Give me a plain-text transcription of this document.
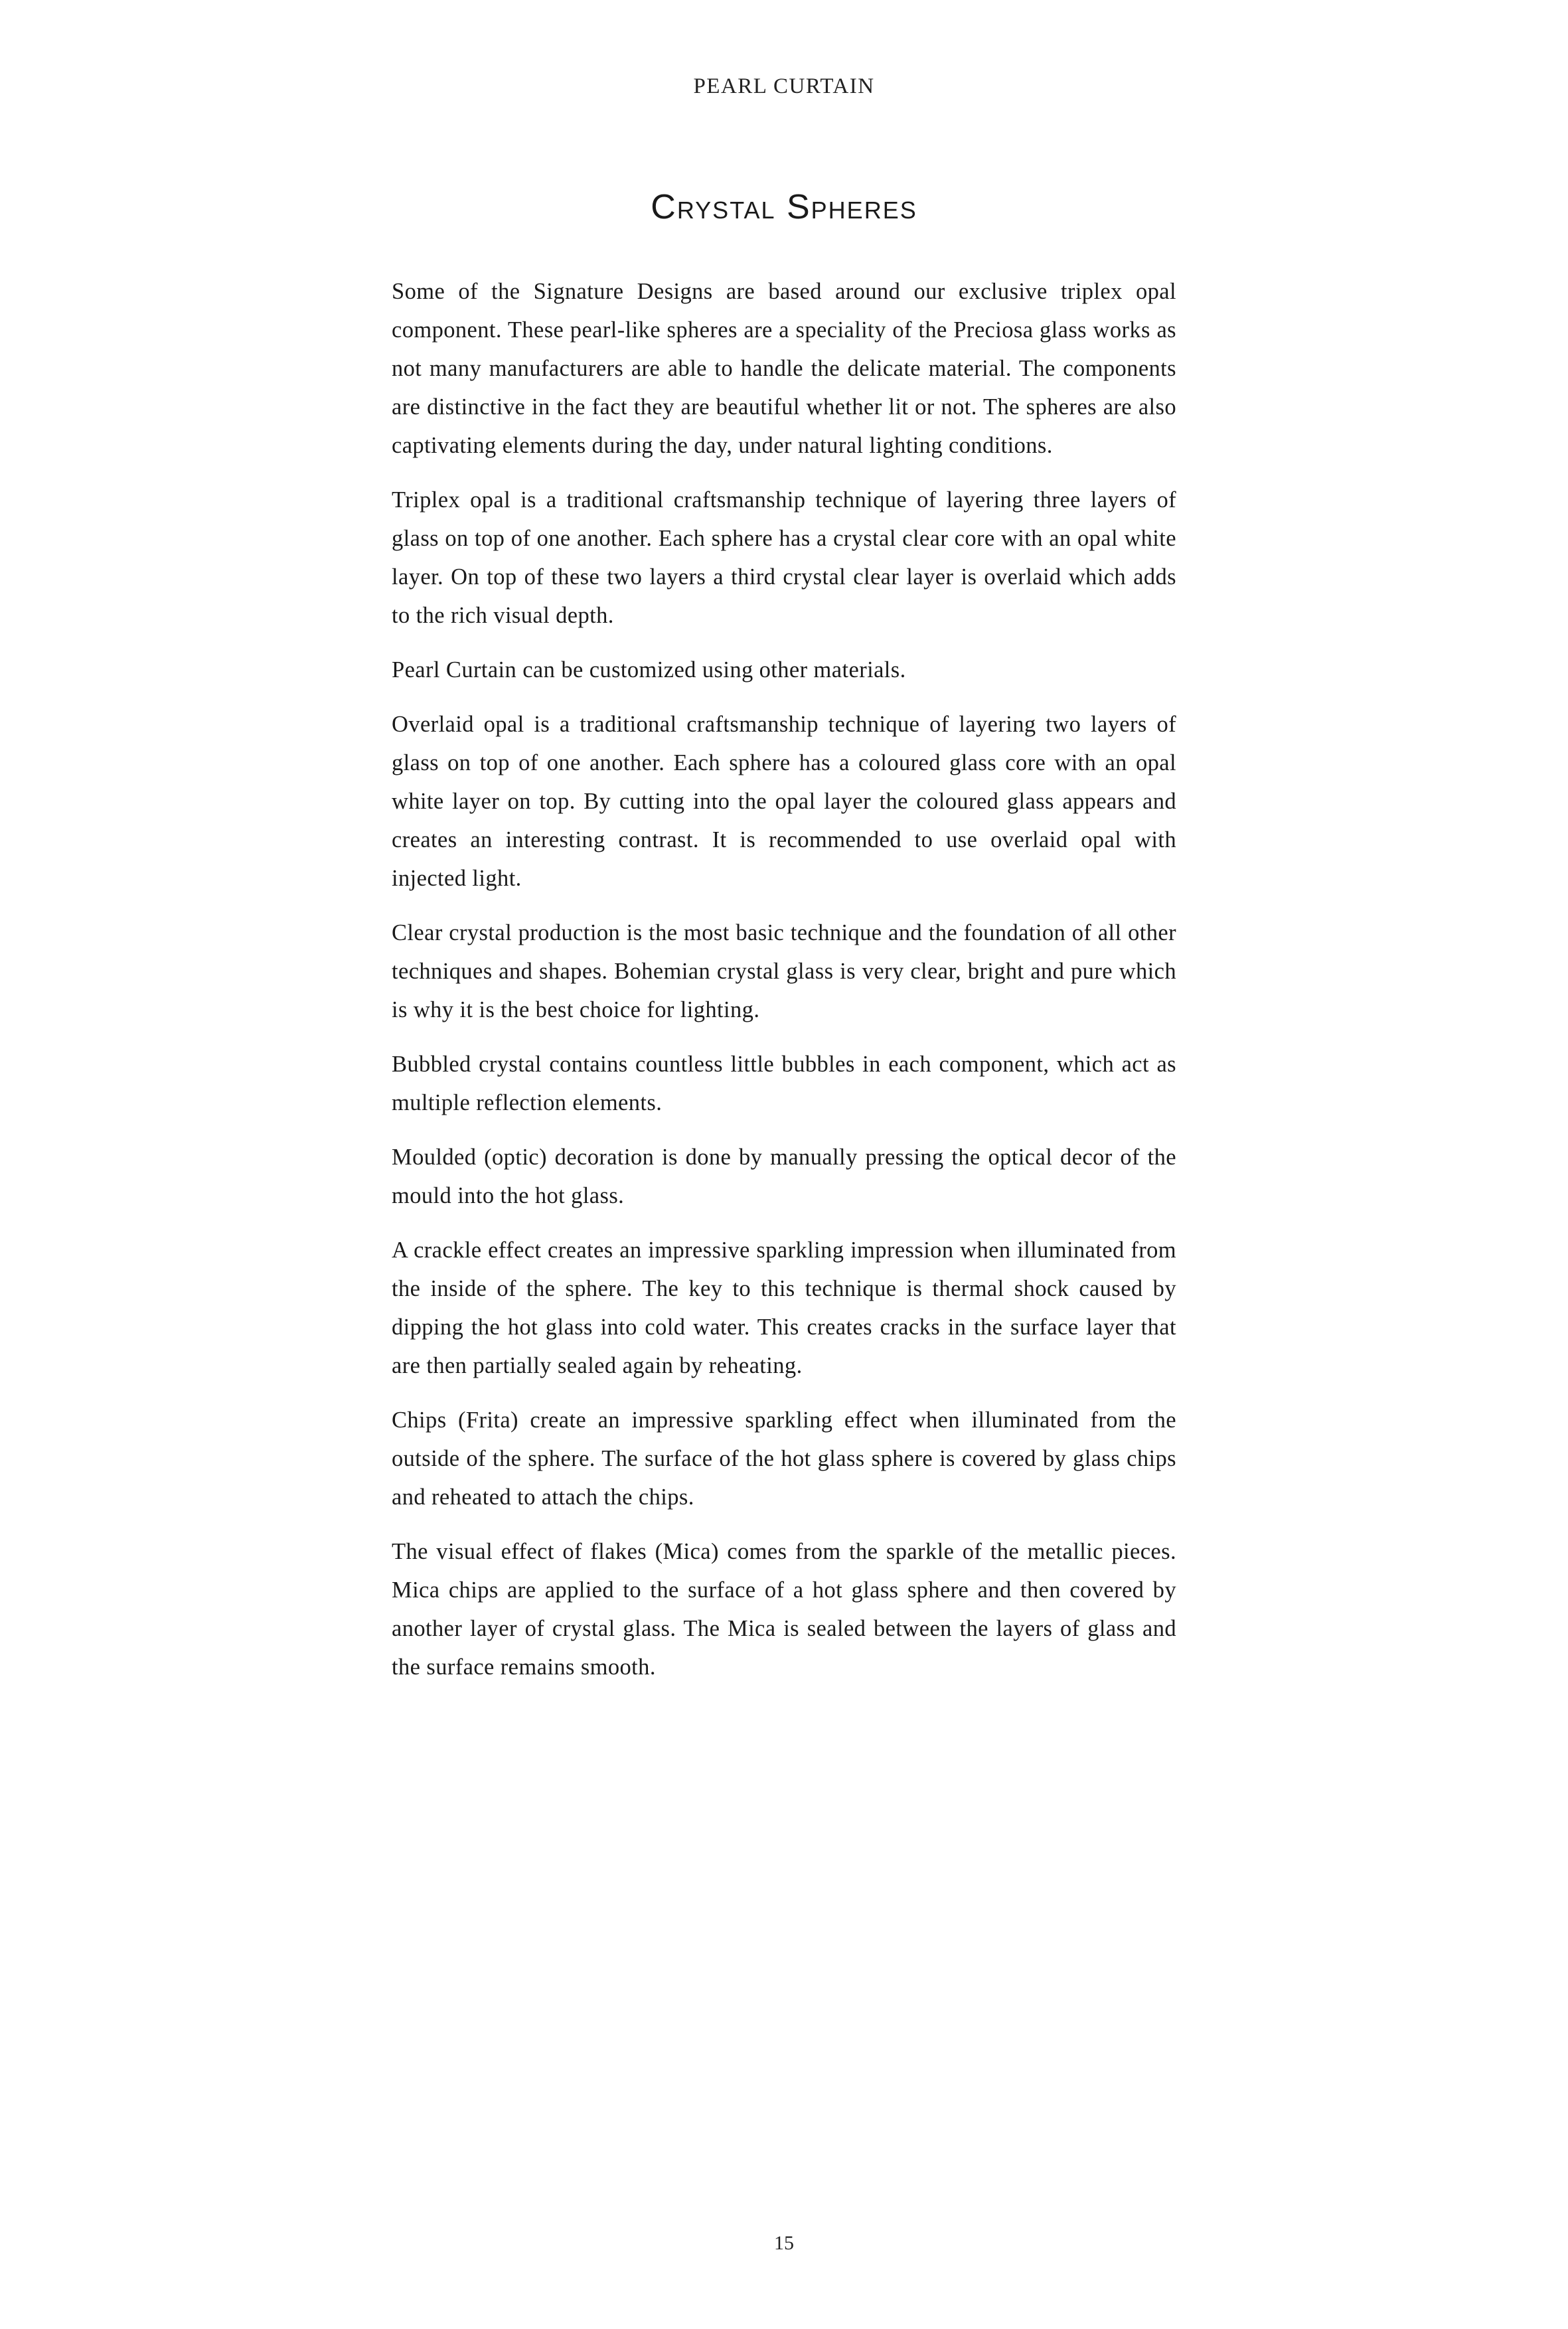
PEARL CURTAIN
Crystal Spheres

Some of the Signature Designs are based around our exclusive triplex opal component. These pearl-like spheres are a speciality of the Preciosa glass works as not many manufacturers are able to handle the delicate material. The components are distinctive in the fact they are beautiful whether lit or not. The spheres are also captivating elements during the day, under natural lighting conditions.

Triplex opal is a traditional craftsmanship technique of layering three layers of glass on top of one another. Each sphere has a crystal clear core with an opal white layer. On top of these two layers a third crystal clear layer is overlaid which adds to the rich visual depth.

Pearl Curtain can be customized using other materials.

Overlaid opal is a traditional craftsmanship technique of layering two layers of glass on top of one another. Each sphere has a coloured glass core with an opal white layer on top. By cutting into the opal layer the coloured glass appears and creates an interesting contrast. It is recommended to use overlaid opal with injected light.

Clear crystal production is the most basic technique and the foundation of all other techniques and shapes. Bohemian crystal glass is very clear, bright and pure which is why it is the best choice for lighting.

Bubbled crystal contains countless little bubbles in each component, which act as multiple reflection elements.

Moulded (optic) decoration is done by manually pressing the optical decor of the mould into the hot glass.

A crackle effect creates an impressive sparkling impression when illuminated from the inside of the sphere. The key to this technique is thermal shock caused by dipping the hot glass into cold water. This creates cracks in the surface layer that are then partially sealed again by reheating.

Chips (Frita) create an impressive sparkling effect when illuminated from the outside of the sphere. The surface of the hot glass sphere is covered by glass chips and reheated to attach the chips.

The visual effect of flakes (Mica) comes from the sparkle of the metallic pieces. Mica chips are applied to the surface of a hot glass sphere and then covered by another layer of crystal glass. The Mica is sealed between the layers of glass and the surface remains smooth.

15
